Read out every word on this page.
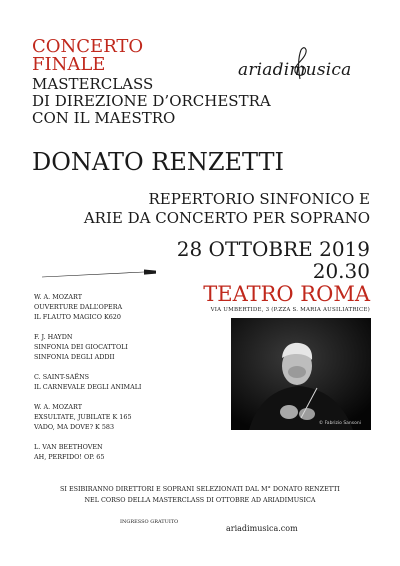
CONCERTO
FINALE
MASTERCLASS
DI DIREZIONE D’ORCHESTRA
CON IL MAESTRO
DONATO RENZETTI
ariadimusica
REPERTORIO SINFONICO E
ARIE DA CONCERTO PER SOPRANO
28 OTTOBRE 2019
20.30
TEATRO ROMA
VIA UMBERTIDE, 3 (P.ZZA S. MARIA AUSILIATRICE)
W. A. MOZART
OUVERTURE DALL’OPERA
IL FLAUTO MAGICO K620
F. J. HAYDN
SINFONIA DEI GIOCATTOLI
SINFONIA DEGLI ADDII
C. SAINT-SAËNS
IL CARNEVALE DEGLI ANIMALI
W. A. MOZART
EXSULTATE, JUBILATE K 165
VADO, MA DOVE? K 583
L. VAN BEETHOVEN
AH, PERFIDO! OP. 65
© Fabrizio Sansoni
SI ESIBIRANNO DIRETTORI E SOPRANI SELEZIONATI DAL M° DONATO RENZETTI
NEL CORSO DELLA MASTERCLASS DI OTTOBRE AD ARIADIMUSICA
INGRESSO GRATUITO
ariadimusica.com
